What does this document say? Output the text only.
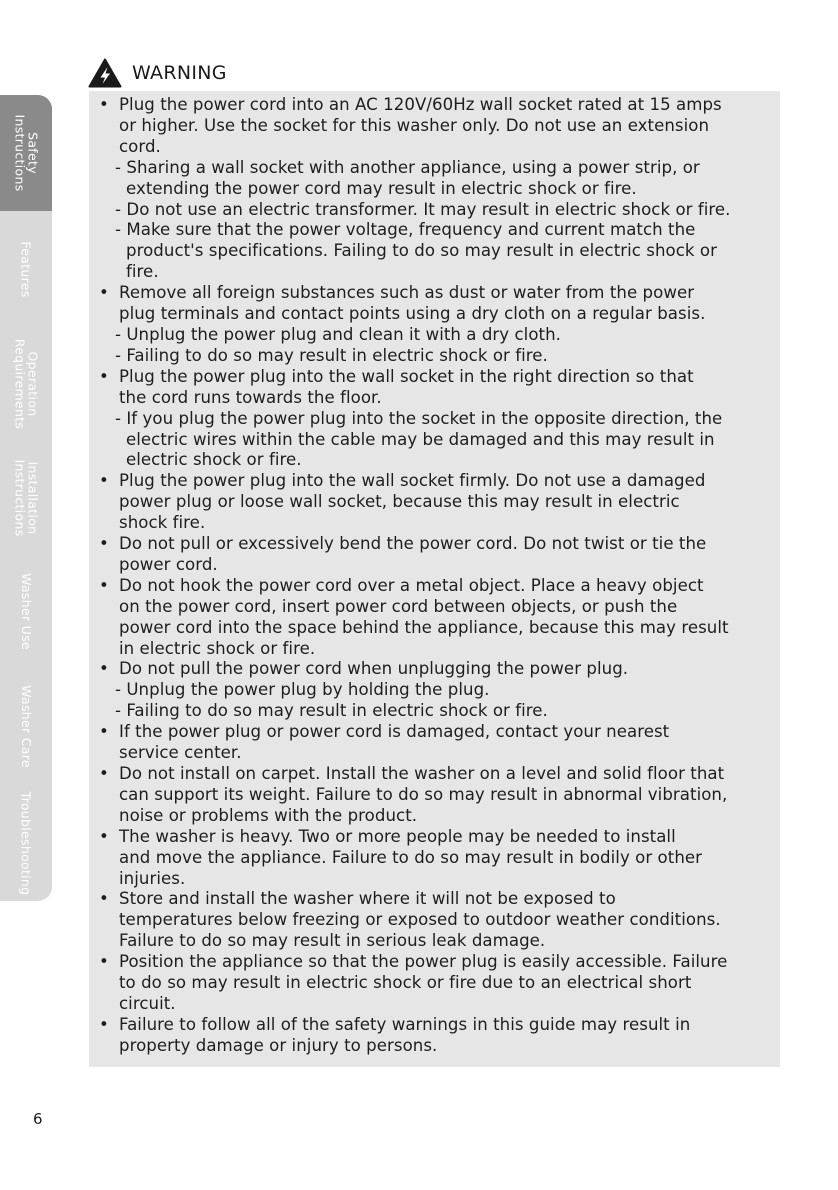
Safety
Instructions
Features
Operation
Requirements
Installation
Instructions
Washer Use
Washer Care
Troubleshooting
WARNING
• Plug the power cord into an AC 120V/60Hz wall socket rated at 15 amps
or higher. Use the socket for this washer only. Do not use an extension
cord.
- Sharing a wall socket with another appliance, using a power strip, or
extending the power cord may result in electric shock or fire.
- Do not use an electric transformer. It may result in electric shock or fire.
- Make sure that the power voltage, frequency and current match the
product's specifications. Failing to do so may result in electric shock or
fire.
• Remove all foreign substances such as dust or water from the power
plug terminals and contact points using a dry cloth on a regular basis.
- Unplug the power plug and clean it with a dry cloth.
- Failing to do so may result in electric shock or fire.
• Plug the power plug into the wall socket in the right direction so that
the cord runs towards the floor.
- If you plug the power plug into the socket in the opposite direction, the
electric wires within the cable may be damaged and this may result in
electric shock or fire.
• Plug the power plug into the wall socket firmly. Do not use a damaged
power plug or loose wall socket, because this may result in electric
shock fire.
• Do not pull or excessively bend the power cord. Do not twist or tie the
power cord.
• Do not hook the power cord over a metal object. Place a heavy object
on the power cord, insert power cord between objects, or push the
power cord into the space behind the appliance, because this may result
in electric shock or fire.
• Do not pull the power cord when unplugging the power plug.
- Unplug the power plug by holding the plug.
- Failing to do so may result in electric shock or fire.
• If the power plug or power cord is damaged, contact your nearest
service center.
• Do not install on carpet. Install the washer on a level and solid floor that
can support its weight. Failure to do so may result in abnormal vibration,
noise or problems with the product.
• The washer is heavy. Two or more people may be needed to install
and move the appliance. Failure to do so may result in bodily or other
injuries.
• Store and install the washer where it will not be exposed to
temperatures below freezing or exposed to outdoor weather conditions.
Failure to do so may result in serious leak damage.
• Position the appliance so that the power plug is easily accessible. Failure
to do so may result in electric shock or fire due to an electrical short
circuit.
• Failure to follow all of the safety warnings in this guide may result in
property damage or injury to persons.
6
